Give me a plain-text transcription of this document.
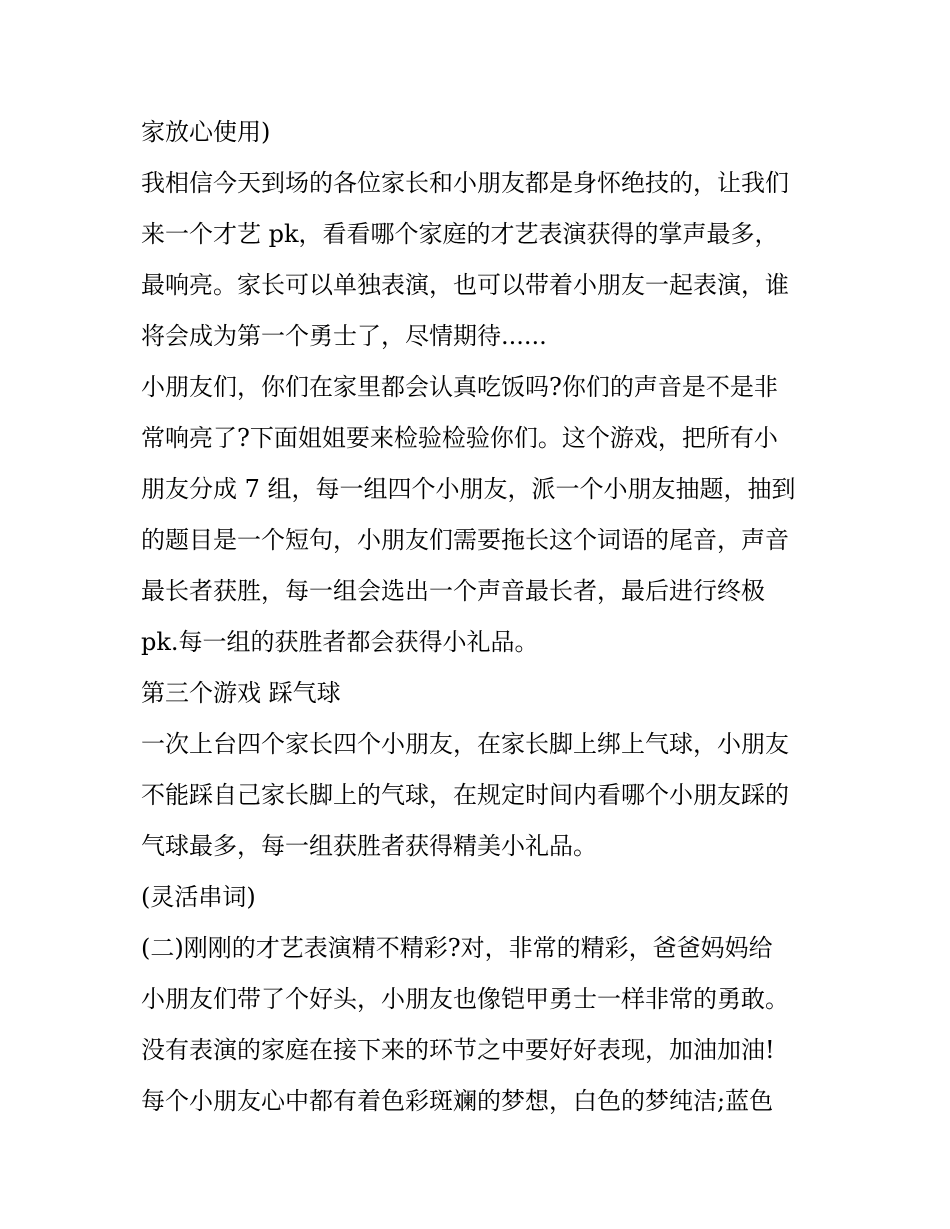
家放心使用)
我相信今天到场的各位家长和小朋友都是身怀绝技的，让我们
来一个才艺 pk，看看哪个家庭的才艺表演获得的掌声最多，
最响亮。家长可以单独表演，也可以带着小朋友一起表演，谁
将会成为第一个勇士了，尽情期待......
小朋友们，你们在家里都会认真吃饭吗?你们的声音是不是非
常响亮了?下面姐姐要来检验检验你们。这个游戏，把所有小
朋友分成 7 组，每一组四个小朋友，派一个小朋友抽题，抽到
的题目是一个短句，小朋友们需要拖长这个词语的尾音，声音
最长者获胜，每一组会选出一个声音最长者，最后进行终极
pk.每一组的获胜者都会获得小礼品。
第三个游戏 踩气球
一次上台四个家长四个小朋友，在家长脚上绑上气球，小朋友
不能踩自己家长脚上的气球，在规定时间内看哪个小朋友踩的
气球最多，每一组获胜者获得精美小礼品。
(灵活串词)
(二)刚刚的才艺表演精不精彩?对，非常的精彩，爸爸妈妈给
小朋友们带了个好头，小朋友也像铠甲勇士一样非常的勇敢。
没有表演的家庭在接下来的环节之中要好好表现，加油加油!
每个小朋友心中都有着色彩斑斓的梦想，白色的梦纯洁;蓝色
